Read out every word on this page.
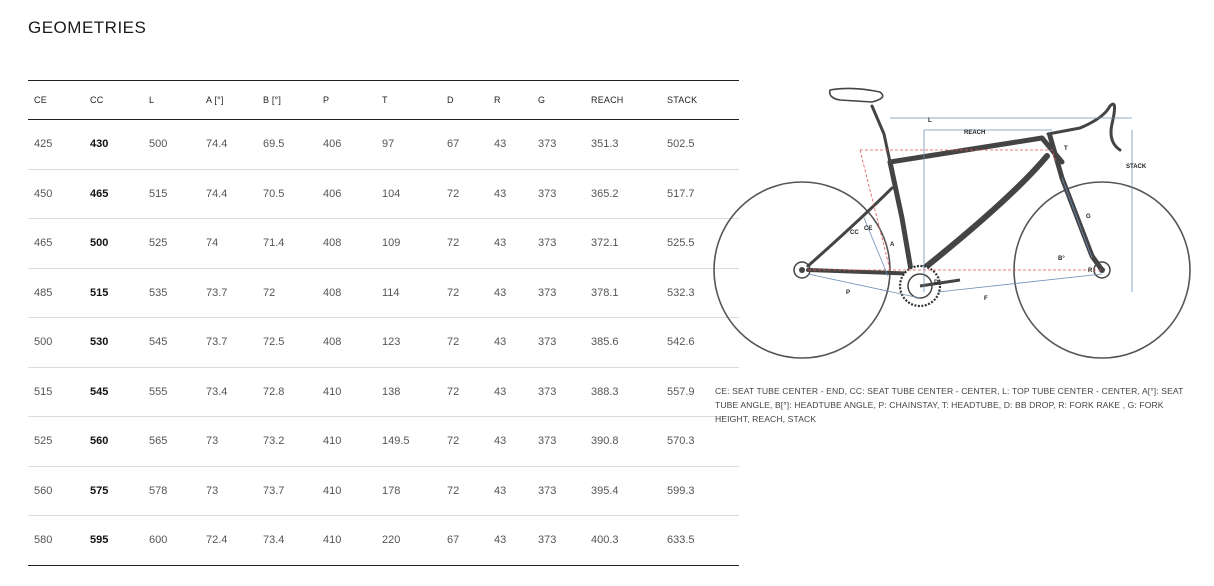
GEOMETRIES
CE	CC	L	A [°]	B [°]	P	T	D	R	G	REACH	STACK
425	430	500	74.4	69.5	406	97	67	43	373	351.3	502.5
450	465	515	74.4	70.5	406	104	72	43	373	365.2	517.7
465	500	525	74	71.4	408	109	72	43	373	372.1	525.5
485	515	535	73.7	72	408	114	72	43	373	378.1	532.3
500	530	545	73.7	72.5	408	123	72	43	373	385.6	542.6
515	545	555	73.4	72.8	410	138	72	43	373	388.3	557.9
525	560	565	73	73.2	410	149.5	72	43	373	390.8	570.3
560	575	578	73	73.7	410	178	72	43	373	395.4	599.3
580	595	600	72.4	73.4	410	220	67	43	373	400.3	633.5
L
REACH
STACK
T
G
B°
R
CC
CE
A
D
P
F
CE: SEAT TUBE CENTER - END, CC: SEAT TUBE CENTER - CENTER, L: TOP TUBE CENTER - CENTER, A[°]: SEAT TUBE ANGLE, B[°]: HEADTUBE ANGLE, P: CHAINSTAY, T: HEADTUBE, D: BB DROP, R: FORK RAKE , G: FORK HEIGHT, REACH, STACK
